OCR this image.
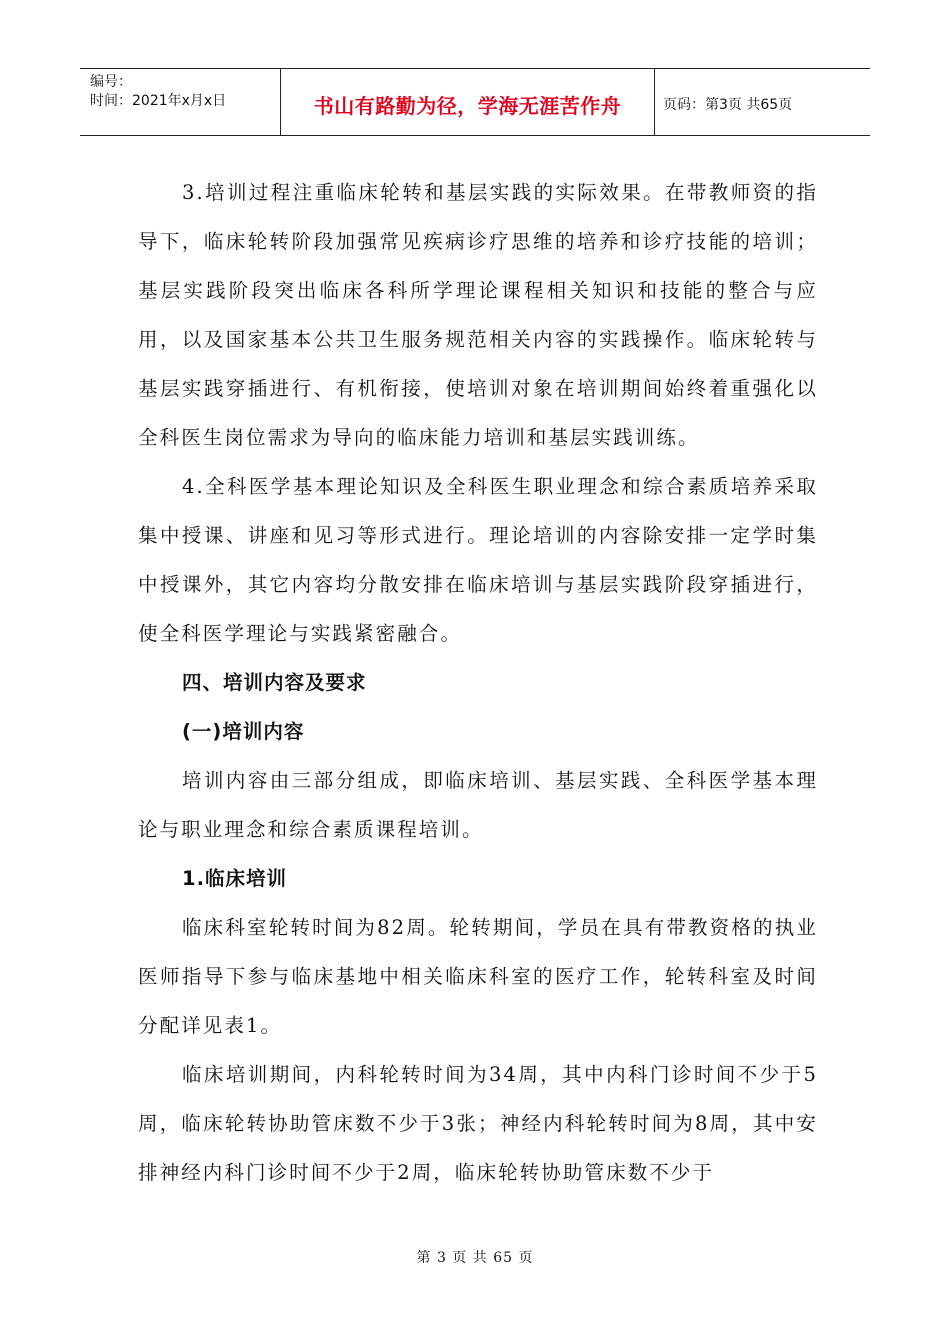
编号：
时间：2021年x月x日	书山有路勤为径，学海无涯苦作舟	页码：第3页 共65页

3.培训过程注重临床轮转和基层实践的实际效果。在带教师资的指导下，临床轮转阶段加强常见疾病诊疗思维的培养和诊疗技能的培训；基层实践阶段突出临床各科所学理论课程相关知识和技能的整合与应用，以及国家基本公共卫生服务规范相关内容的实践操作。临床轮转与基层实践穿插进行、有机衔接，使培训对象在培训期间始终着重强化以全科医生岗位需求为导向的临床能力培训和基层实践训练。

4.全科医学基本理论知识及全科医生职业理念和综合素质培养采取集中授课、讲座和见习等形式进行。理论培训的内容除安排一定学时集中授课外，其它内容均分散安排在临床培训与基层实践阶段穿插进行，使全科医学理论与实践紧密融合。

四、培训内容及要求

(一)培训内容

培训内容由三部分组成，即临床培训、基层实践、全科医学基本理论与职业理念和综合素质课程培训。

1.临床培训

临床科室轮转时间为82周。轮转期间，学员在具有带教资格的执业医师指导下参与临床基地中相关临床科室的医疗工作，轮转科室及时间分配详见表1。

临床培训期间，内科轮转时间为34周，其中内科门诊时间不少于5周，临床轮转协助管床数不少于3张；神经内科轮转时间为8周，其中安排神经内科门诊时间不少于2周，临床轮转协助管床数不少于

第 3 页 共 65 页
